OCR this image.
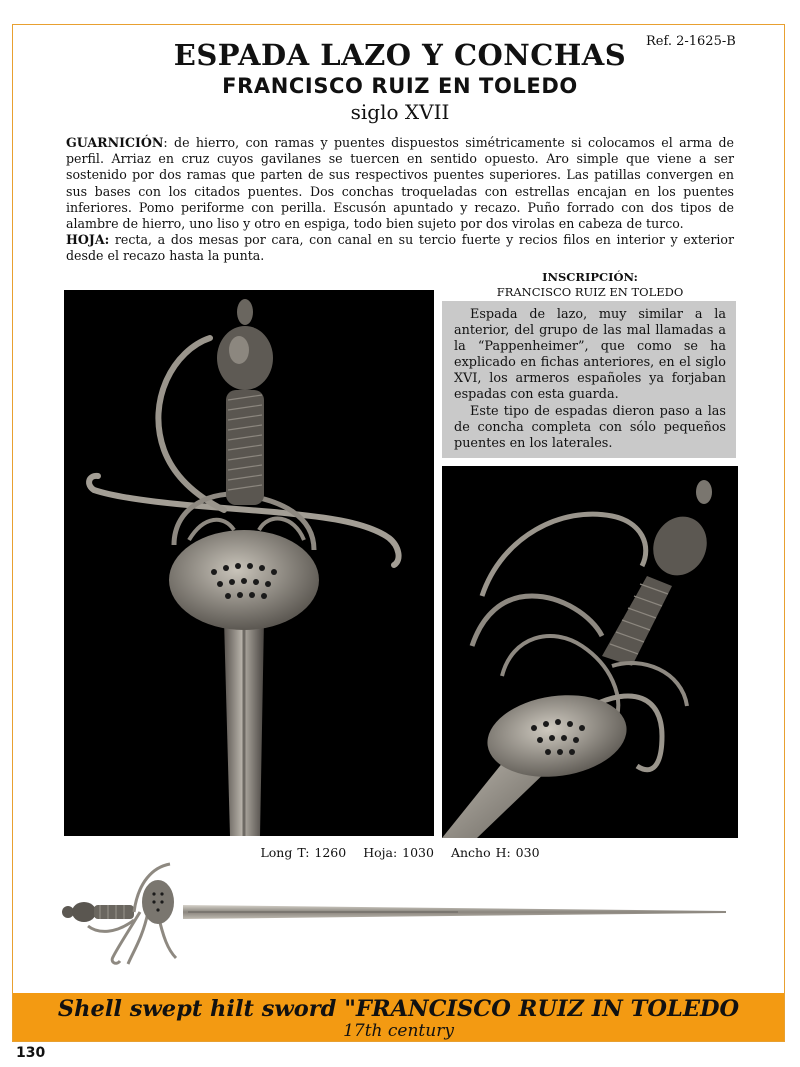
Ref. 2-1625-B
ESPADA LAZO Y CONCHAS
FRANCISCO RUIZ EN TOLEDO
siglo XVII

GUARNICIÓN: de hierro, con ramas y puentes dispuestos simétricamente si colocamos el arma de perfil. Arriaz en cruz cuyos gavilanes se tuercen en sentido opuesto. Aro simple que viene a ser sostenido por dos ramas que parten de sus respectivos puentes superiores. Las patillas convergen en sus bases con los citados puentes. Dos conchas troqueladas con estrellas encajan en los puentes inferiores. Pomo periforme con perilla. Escusón apuntado y recazo. Puño forrado con dos tipos de alambre de hierro, uno liso y otro en espiga, todo bien sujeto por dos virolas en cabeza de turco.

HOJA: recta, a dos mesas por cara, con canal en su tercio fuerte y recios filos en interior y exterior desde el recazo hasta la punta.

INSCRIPCIÓN:
FRANCISCO RUIZ EN TOLEDO

Espada de lazo, muy similar a la anterior, del grupo de las mal llamadas a la “Pappenheimer”, que como se ha explicado en fichas anteriores, en el siglo XVI, los armeros españoles ya forjaban espadas con esta guarda.

Este tipo de espadas dieron paso a las de concha completa con sólo pequeños puentes en los laterales.

Long T: 1260 Hoja: 1030 Ancho H: 030
Shell swept hilt sword "FRANCISCO RUIZ IN TOLEDO
17th century
130
